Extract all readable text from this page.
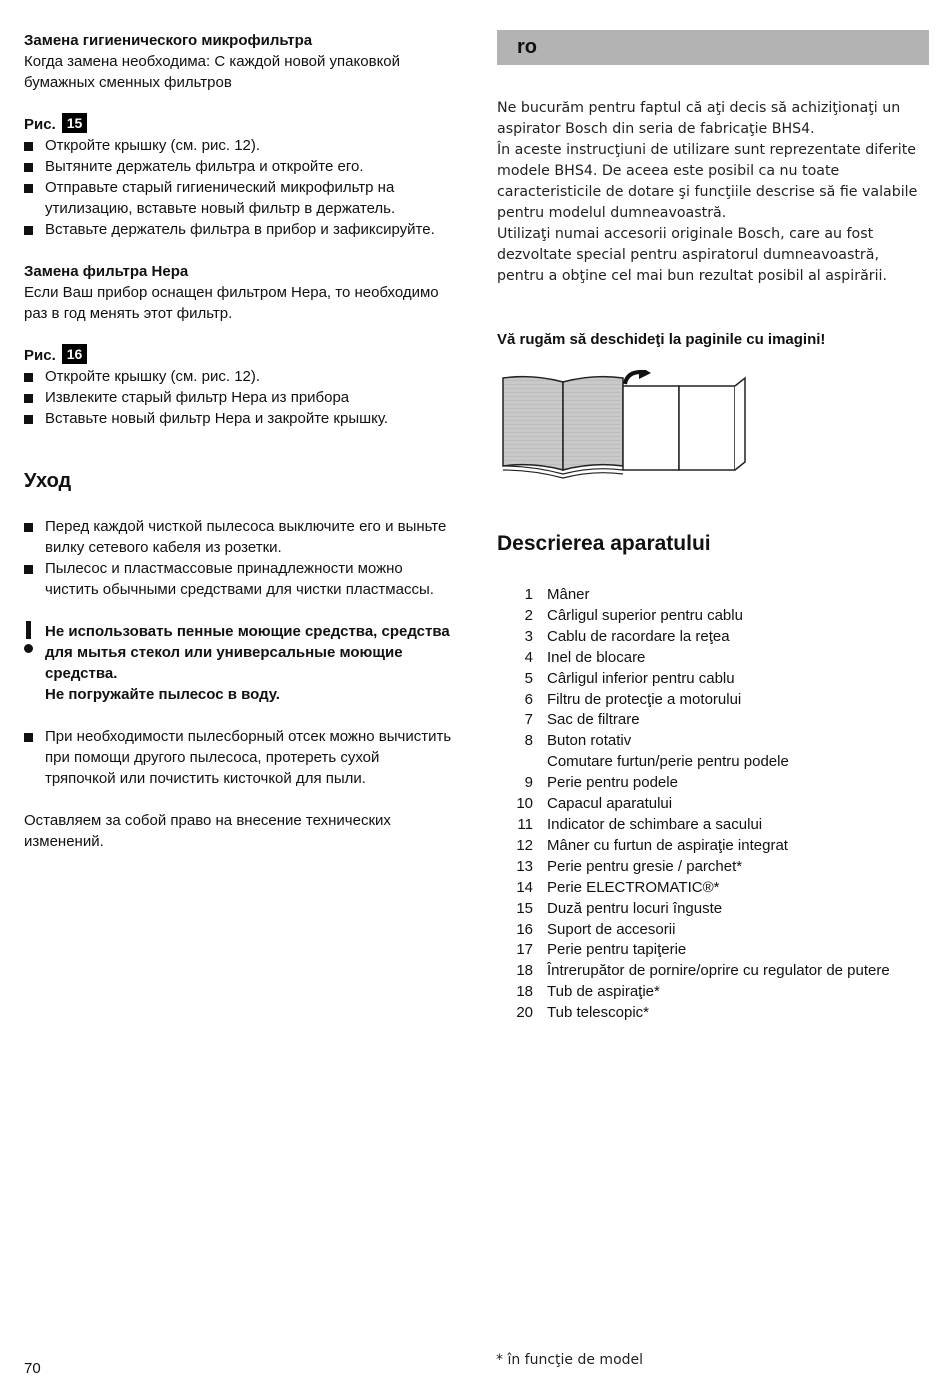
Замена гигиенического микрофильтра

Когда замена необходима: С каждой новой упаковкой бумажных сменных фильтров

Рис. 15
Откройте крышку (см. рис. 12).
Вытяните держатель фильтра и откройте его.
Отправьте старый гигиенический микрофильтр на утилизацию, вставьте новый фильтр в держатель.
Вставьте держатель фильтра в прибор и зафиксируйте.

Замена фильтра Hepa

Если Ваш прибор оснащен фильтром Hepa, то необходимо раз в год менять этот фильтр.

Рис. 16
Откройте крышку (см. рис. 12).
Извлеките старый фильтр Hepa из прибора
Вставьте новый фильтр Hepa и закройте крышку.
Уход
Перед каждой чисткой пылесоса выключите его и выньте вилку сетевого кабеля из розетки.
Пылесос и пластмассовые принадлежности можно чистить обычными средствами для чистки пластмассы.
Не использовать пенные моющие средства, средства для мытья стекол или универсальные моющие средства.
Не погружайте пылесос в воду.
При необходимости пылесборный отсек можно вычистить при помощи другого пылесоса, протереть сухой тряпочкой или почистить кисточкой для пыли.

Оставляем за собой право на внесение технических изменений.

ro
Ne bucurăm pentru faptul că aţi decis să achiziţionaţi un aspirator Bosch din seria de fabricaţie BHS4.
În aceste instrucţiuni de utilizare sunt reprezentate diferite modele BHS4. De aceea este posibil ca nu toate caracteristicile de dotare şi funcţiile descrise să fie valabile pentru modelul dumneavoastră.
Utilizaţi numai accesorii originale Bosch, care au fost dezvoltate special pentru aspiratorul dumneavoastră, pentru a obţine cel mai bun rezultat posibil al aspirării.

Vă rugăm să deschideţi la paginile cu imagini!

Descrierea aparatului
1 Mâner
2 Cârligul superior pentru cablu
3 Cablu de racordare la reţea
4 Inel de blocare
5 Cârligul inferior pentru cablu
6 Filtru de protecţie a motorului
7 Sac de filtrare
8 Buton rotativ
Comutare furtun/perie pentru podele
9 Perie pentru podele
10 Capacul aparatului
11 Indicator de schimbare a sacului
12 Mâner cu furtun de aspiraţie integrat
13 Perie pentru gresie / parchet*
14 Perie ELECTROMATIC®*
15 Duză pentru locuri înguste
16 Suport de accesorii
17 Perie pentru tapiţerie
18 Întrerupător de pornire/oprire cu regulator de putere
18 Tub de aspiraţie*
20 Tub telescopic*
* în funcţie de model
70
